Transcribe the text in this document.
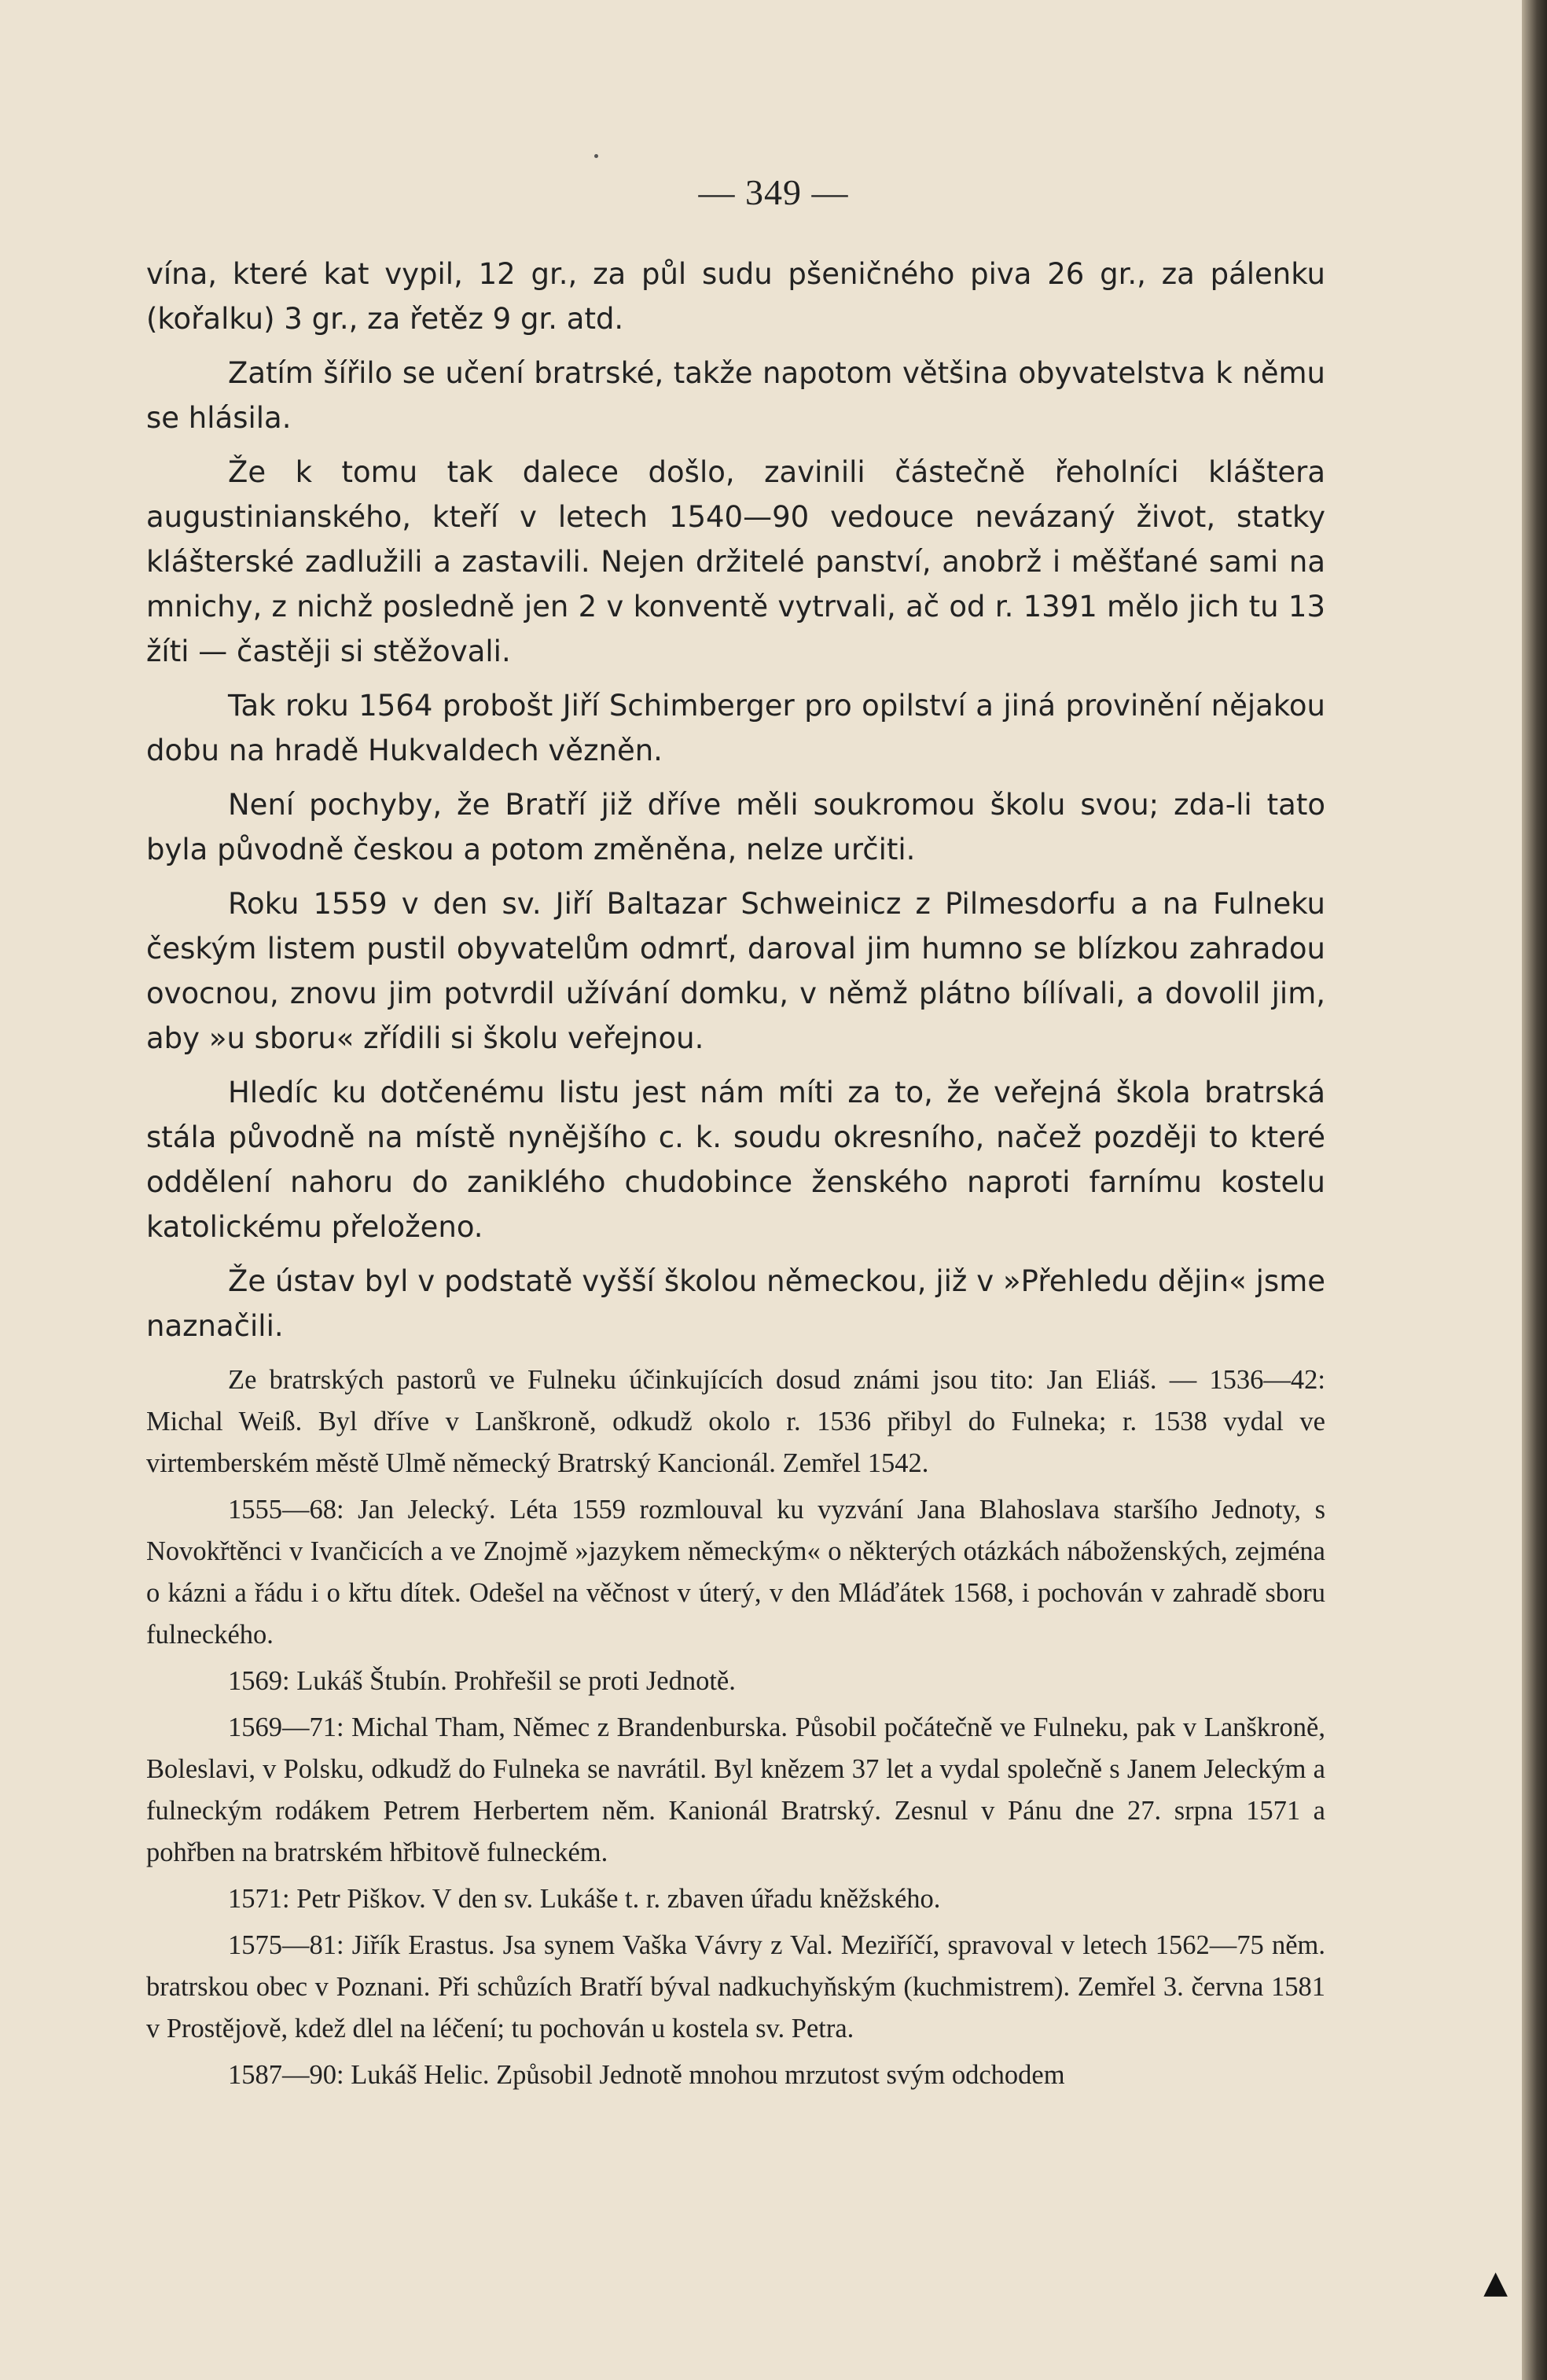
— 349 —

vína, které kat vypil, 12 gr., za půl sudu pšeničného piva 26 gr., za pálenku (kořalku) 3 gr., za řetěz 9 gr. atd.

Zatím šířilo se učení bratrské, takže napotom většina obyvatelstva k němu se hlásila.

Že k tomu tak dalece došlo, zavinili částečně řeholníci kláštera augustinianského, kteří v letech 1540—90 vedouce nevázaný život, statky klášterské zadlužili a zastavili. Nejen držitelé panství, anobrž i měšťané sami na mnichy, z nichž posledně jen 2 v konventě vytrvali, ač od r. 1391 mělo jich tu 13 žíti — častěji si stěžovali.

Tak roku 1564 probošt Jiří Schimberger pro opilství a jiná provinění nějakou dobu na hradě Hukvaldech vězněn.

Není pochyby, že Bratří již dříve měli soukromou školu svou; zda-li tato byla původně českou a potom změněna, nelze určiti.

Roku 1559 v den sv. Jiří Baltazar Schweinicz z Pilmesdorfu a na Fulneku českým listem pustil obyvatelům odmrť, daroval jim humno se blízkou zahradou ovocnou, znovu jim potvrdil užívání domku, v němž plátno bílívali, a dovolil jim, aby »u sboru« zřídili si školu veřejnou.

Hledíc ku dotčenému listu jest nám míti za to, že veřejná škola bratrská stála původně na místě nynějšího c. k. soudu okresního, načež později to které oddělení nahoru do zaniklého chudobince ženského naproti farnímu kostelu katolickému přeloženo.

Že ústav byl v podstatě vyšší školou německou, již v »Přehledu dějin« jsme naznačili.

Ze bratrských pastorů ve Fulneku účinkujících dosud známi jsou tito: Jan Eliáš. — 1536—42: Michal Weiß. Byl dříve v Lanškroně, odkudž okolo r. 1536 přibyl do Fulneka; r. 1538 vydal ve virtemberském městě Ulmě německý Bratrský Kancionál. Zemřel 1542.

1555—68: Jan Jelecký. Léta 1559 rozmlouval ku vyzvání Jana Blahoslava staršího Jednoty, s Novokřtěnci v Ivančicích a ve Znojmě »jazykem německým« o některých otázkách náboženských, zejména o kázni a řádu i o křtu dítek. Odešel na věčnost v úterý, v den Mláďátek 1568, i pochován v zahradě sboru fulneckého.

1569: Lukáš Štubín. Prohřešil se proti Jednotě.

1569—71: Michal Tham, Němec z Brandenburska. Působil počátečně ve Fulneku, pak v Lanškroně, Boleslavi, v Polsku, odkudž do Fulneka se navrátil. Byl knězem 37 let a vydal společně s Janem Jeleckým a fulneckým rodákem Petrem Herbertem něm. Kanionál Bratrský. Zesnul v Pánu dne 27. srpna 1571 a pohřben na bratrském hřbitově fulneckém.

1571: Petr Piškov. V den sv. Lukáše t. r. zbaven úřadu kněžského.

1575—81: Jiřík Erastus. Jsa synem Vaška Vávry z Val. Meziříčí, spravoval v letech 1562—75 něm. bratrskou obec v Poznani. Při schůzích Bratří býval nadkuchyňským (kuchmistrem). Zemřel 3. června 1581 v Prostějově, kdež dlel na léčení; tu pochován u kostela sv. Petra.

1587—90: Lukáš Helic. Způsobil Jednotě mnohou mrzutost svým odchodem

▲
